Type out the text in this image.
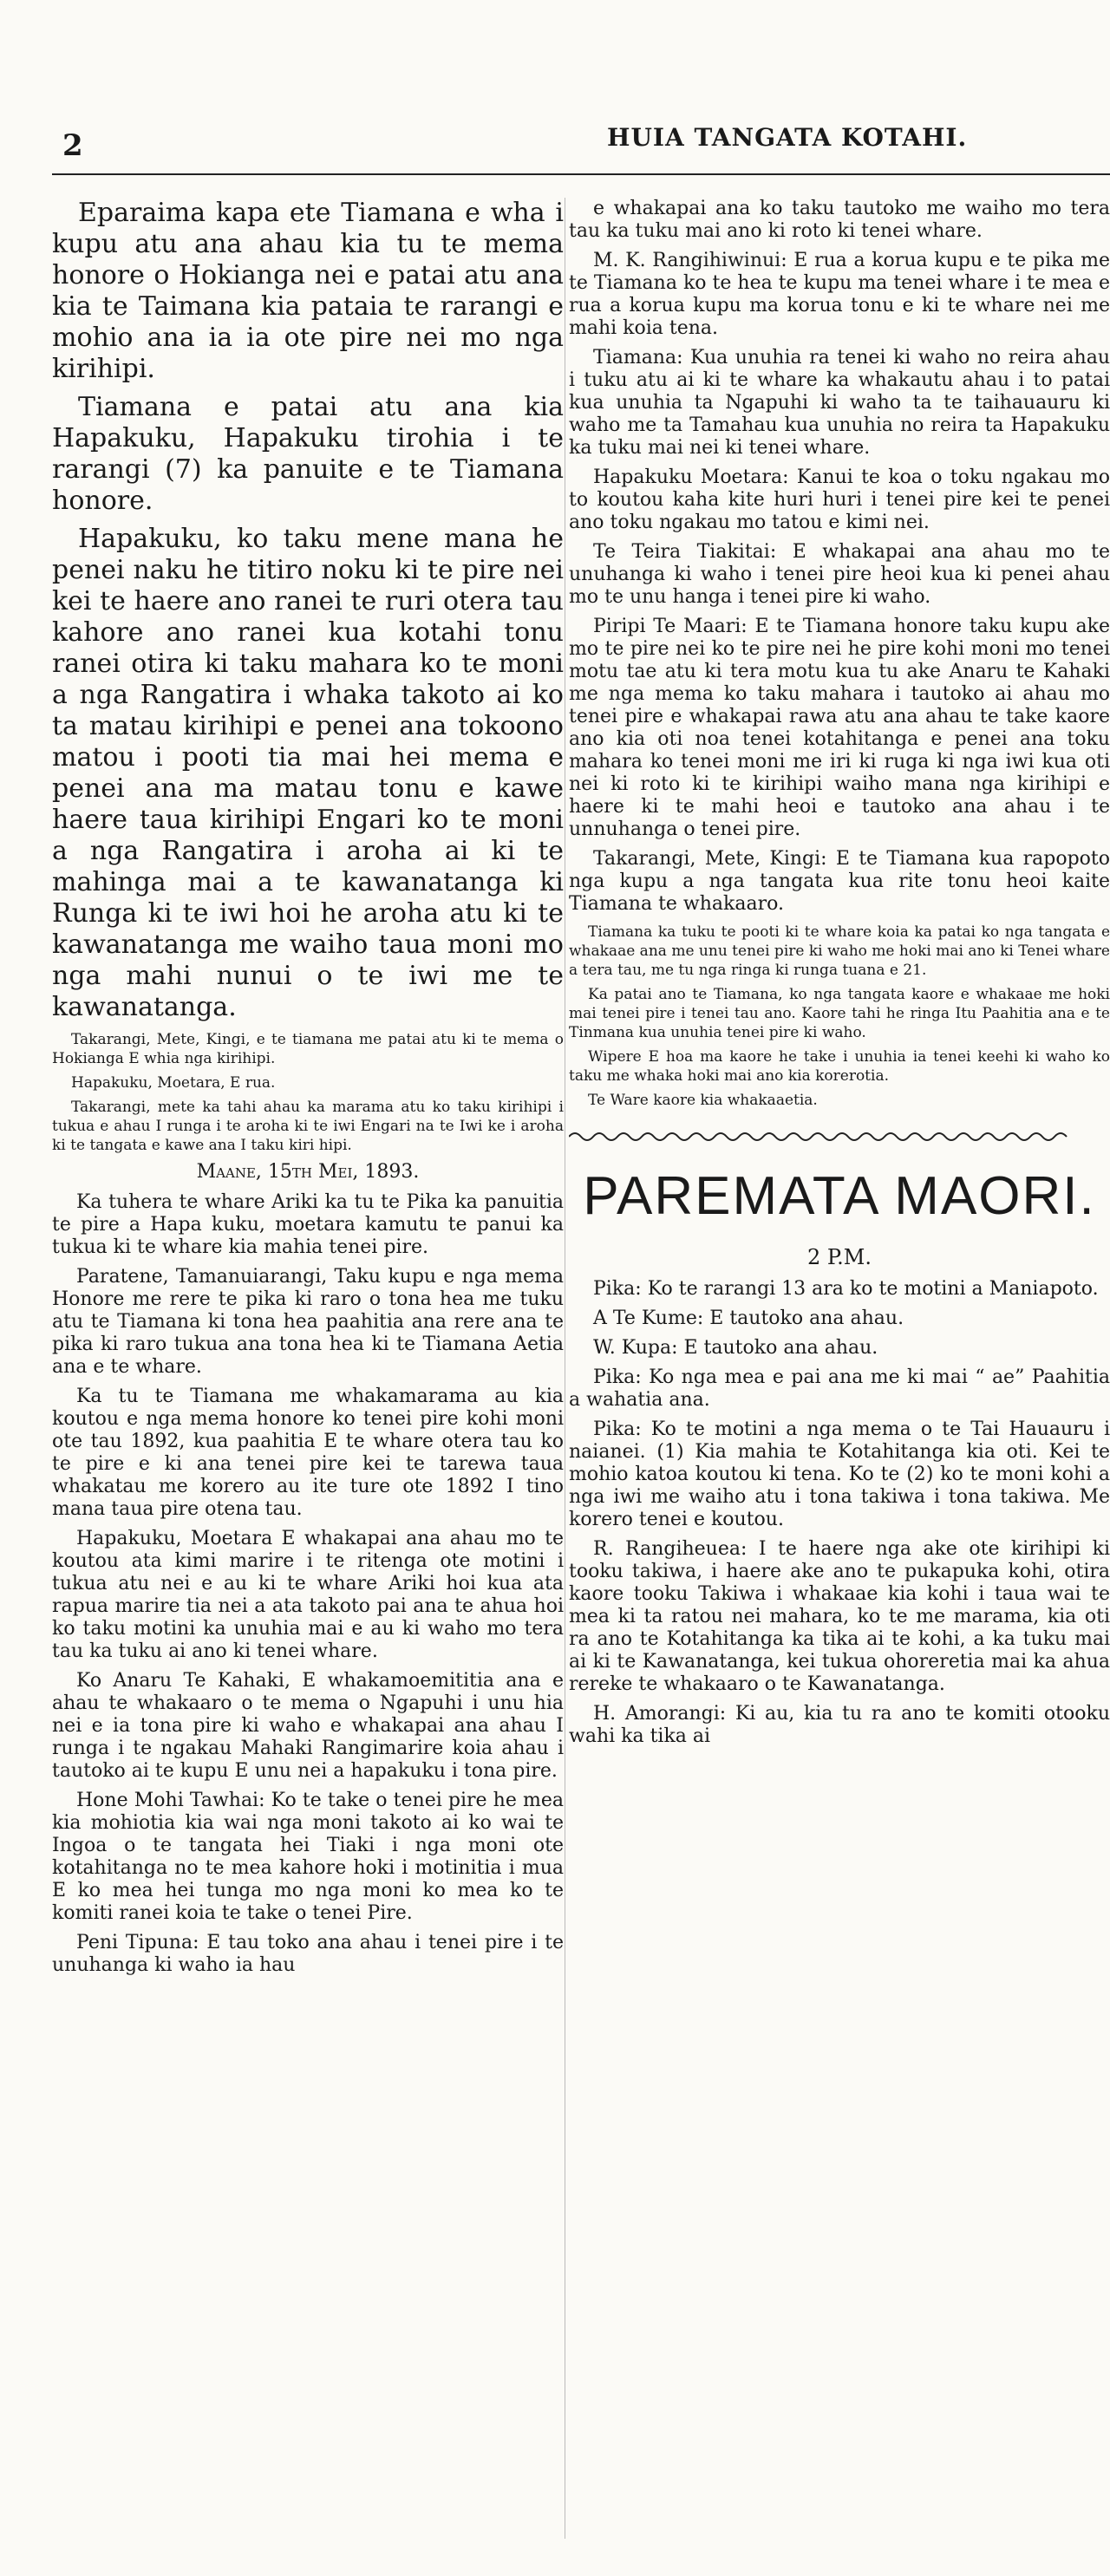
2	HUIA TANGATA KOTAHI.

Eparaima kapa ete Tiamana e wha i kupu atu ana ahau kia tu te mema honore o Hokianga nei e patai atu ana kia te Taimana kia pataia te rarangi e mohio ana ia ia ote pire nei mo nga kirihipi.

Tiamana e patai atu ana kia Hapakuku, Hapakuku tirohia i te rarangi (7) ka panuite e te Tiamana honore.

Hapakuku, ko taku mene mana he penei naku he titiro noku ki te pire nei kei te haere ano ranei te ruri otera tau kahore ano ranei kua kotahi tonu ranei otira ki taku mahara ko te moni a nga Rangatira i whaka takoto ai ko ta matau kirihipi e penei ana tokoono matou i pooti tia mai hei mema e penei ana ma matau tonu e kawe haere taua kirihipi Engari ko te moni a nga Rangatira i aroha ai ki te mahinga mai a te kawanatanga ki Runga ki te iwi hoi he aroha atu ki te kawanatanga me waiho taua moni mo nga mahi nunui o te iwi me te kawanatanga.

Takarangi, Mete, Kingi, e te tiamana me patai atu ki te mema o Hokianga E whia nga kirihipi.

Hapakuku, Moetara, E rua.

Takarangi, mete ka tahi ahau ka marama atu ko taku kirihipi i tukua e ahau I runga i te aroha ki te iwi Engari na te Iwi ke i aroha ki te tangata e kawe ana I taku kiri hipi.

Maane, 15th Mei, 1893.

Ka tuhera te whare Ariki ka tu te Pika ka panuitia te pire a Hapa kuku, moetara kamutu te panui ka tukua ki te whare kia mahia tenei pire.

Paratene, Tamanuiarangi, Taku kupu e nga mema Honore me rere te pika ki raro o tona hea me tuku atu te Tiamana ki tona hea paahitia ana rere ana te pika ki raro tukua ana tona hea ki te Tiamana Aetia ana e te whare.

Ka tu te Tiamana me whakamarama au kia koutou e nga mema honore ko tenei pire kohi moni ote tau 1892, kua paahitia E te whare otera tau ko te pire e ki ana tenei pire kei te tarewa taua whakatau me korero au ite ture ote 1892 I tino mana taua pire otena tau.

Hapakuku, Moetara E whakapai ana ahau mo te koutou ata kimi marire i te ritenga ote motini i tukua atu nei e au ki te whare Ariki hoi kua ata rapua marire tia nei a ata takoto pai ana te ahua hoi ko taku motini ka unuhia mai e au ki waho mo tera tau ka tuku ai ano ki tenei whare.

Ko Anaru Te Kahaki, E whakamoemititia ana e ahau te whakaaro o te mema o Ngapuhi i unu hia nei e ia tona pire ki waho e whakapai ana ahau I runga i te ngakau Mahaki Rangimarire koia ahau i tautoko ai te kupu E unu nei a hapakuku i tona pire.

Hone Mohi Tawhai: Ko te take o tenei pire he mea kia mohiotia kia wai nga moni takoto ai ko wai te Ingoa o te tangata hei Tiaki i nga moni ote kotahitanga no te mea kahore hoki i motinitia i mua E ko mea hei tunga mo nga moni ko mea ko te komiti ranei koia te take o tenei Pire.

Peni Tipuna: E tau toko ana ahau i tenei pire i te unuhanga ki waho ia hau

e whakapai ana ko taku tautoko me waiho mo tera tau ka tuku mai ano ki roto ki tenei whare.

M. K. Rangihiwinui: E rua a korua kupu e te pika me te Tiamana ko te hea te kupu ma tenei whare i te mea e rua a korua kupu ma korua tonu e ki te whare nei me mahi koia tena.

Tiamana: Kua unuhia ra tenei ki waho no reira ahau i tuku atu ai ki te whare ka whakautu ahau i to patai kua unuhia ta Ngapuhi ki waho ta te taihauauru ki waho me ta Tamahau kua unuhia no reira ta Hapakuku ka tuku mai nei ki tenei whare.

Hapakuku Moetara: Kanui te koa o toku ngakau mo to koutou kaha kite huri huri i tenei pire kei te penei ano toku ngakau mo tatou e kimi nei.

Te Teira Tiakitai: E whakapai ana ahau mo te unuhanga ki waho i tenei pire heoi kua ki penei ahau mo te unu hanga i tenei pire ki waho.

Piripi Te Maari: E te Tiamana honore taku kupu ake mo te pire nei ko te pire nei he pire kohi moni mo tenei motu tae atu ki tera motu kua tu ake Anaru te Kahaki me nga mema ko taku mahara i tautoko ai ahau mo tenei pire e whakapai rawa atu ana ahau te take kaore ano kia oti noa tenei kotahitanga e penei ana toku mahara ko tenei moni me iri ki ruga ki nga iwi kua oti nei ki roto ki te kirihipi waiho mana nga kirihipi e haere ki te mahi heoi e tautoko ana ahau i te unnuhanga o tenei pire.

Takarangi, Mete, Kingi: E te Tiamana kua rapopoto nga kupu a nga tangata kua rite tonu heoi kaite Tiamana te whakaaro.

Tiamana ka tuku te pooti ki te whare koia ka patai ko nga tangata e whakaae ana me unu tenei pire ki waho me hoki mai ano ki Tenei whare a tera tau, me tu nga ringa ki runga tuana e 21.

Ka patai ano te Tiamana, ko nga tangata kaore e whakaae me hoki mai tenei pire i tenei tau ano. Kaore tahi he ringa Itu Paahitia ana e te Tinmana kua unuhia tenei pire ki waho.

Wipere E hoa ma kaore he take i unuhia ia tenei keehi ki waho ko taku me whaka hoki mai ano kia korerotia.

Te Ware kaore kia whakaaetia.

PAREMATA MAORI.
2 P.M.

Pika: Ko te rarangi 13 ara ko te motini a Maniapoto.

A Te Kume: E tautoko ana ahau.

W. Kupa: E tautoko ana ahau.

Pika: Ko nga mea e pai ana me ki mai “ ae” Paahitia a wahatia ana.

Pika: Ko te motini a nga mema o te Tai Hauauru i naianei. (1) Kia mahia te Kotahitanga kia oti. Kei te mohio katoa koutou ki tena. Ko te (2) ko te moni kohi a nga iwi me waiho atu i tona takiwa i tona takiwa. Me korero tenei e koutou.

R. Rangiheuea: I te haere nga ake ote kirihipi ki tooku takiwa, i haere ake ano te pukapuka kohi, otira kaore tooku Takiwa i whakaae kia kohi i taua wai te mea ki ta ratou nei mahara, ko te me marama, kia oti ra ano te Kotahitanga ka tika ai te kohi, a ka tuku mai ai ki te Kawanatanga, kei tukua ohoreretia mai ka ahua rereke te whakaaro o te Kawanatanga.

H. Amorangi: Ki au, kia tu ra ano te komiti otooku wahi ka tika ai
